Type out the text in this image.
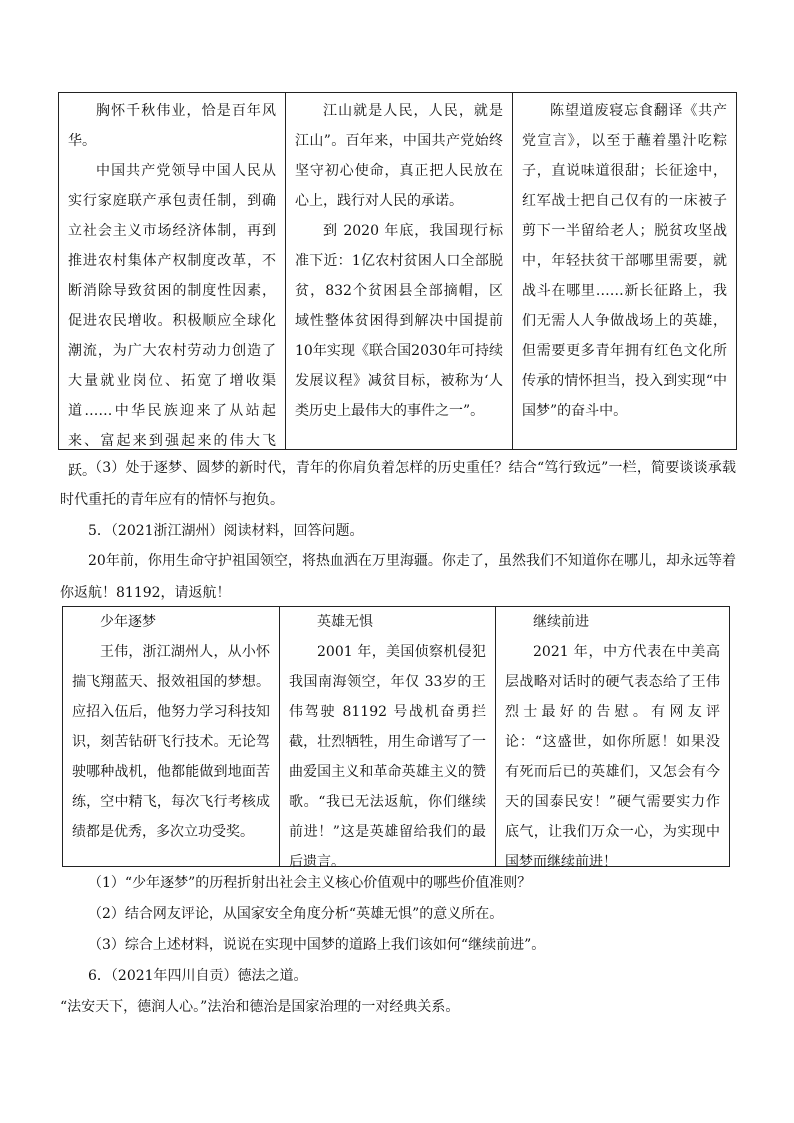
胸怀千秋伟业，恰是百年风华。

中国共产党领导中国人民从实行家庭联产承包责任制，到确立社会主义市场经济体制，再到推进农村集体产权制度改革，不断消除导致贫困的制度性因素，促进农民增收。积极顺应全球化潮流，为广大农村劳动力创造了大量就业岗位、拓宽了增收渠道……中华民族迎来了从站起来、富起来到强起来的伟大飞跃。

江山就是人民，人民，就是江山”。百年来，中国共产党始终坚守初心使命，真正把人民放在心上，践行对人民的承诺。

到 2020 年底，我国现行标准下近：1亿农村贫困人口全部脱贫，832个贫困县全部摘帽，区域性整体贫困得到解决中国提前 10年实现《联合国2030年可持续发展议程》减贫目标，被称为‘人类历史上最伟大的事件之一”。

陈望道废寝忘食翻译《共产党宣言》，以至于蘸着墨汁吃粽子，直说味道很甜；长征途中，红军战士把自己仅有的一床被子剪下一半留给老人；脱贫攻坚战中，年轻扶贫干部哪里需要，就战斗在哪里……新长征路上，我们无需人人争做战场上的英雄，但需要更多青年拥有红色文化所传承的情怀担当，投入到实现“中国梦”的奋斗中。

（3）处于逐梦、圆梦的新时代，青年的你肩负着怎样的历史重任？结合“笃行致远”一栏，简要谈谈承载时代重托的青年应有的情怀与抱负。

5．（2021浙江湖州）阅读材料，回答问题。

20年前，你用生命守护祖国领空，将热血洒在万里海疆。你走了，虽然我们不知道你在哪儿，却永远等着你返航！81192，请返航！

少年逐梦

王伟，浙江湖州人，从小怀揣飞翔蓝天、报效祖国的梦想。应招入伍后，他努力学习科技知识，刻苦钻研飞行技术。无论驾驶哪种战机，他都能做到地面苦练，空中精飞，每次飞行考核成绩都是优秀，多次立功受奖。

英雄无惧

2001 年，美国侦察机侵犯我国南海领空，年仅 33岁的王伟驾驶 81192 号战机奋勇拦截，壮烈牺牲，用生命谱写了一曲爱国主义和革命英雄主义的赞歌。“我已无法返航，你们继续前进！”这是英雄留给我们的最后遗言。

继续前进

2021 年，中方代表在中美高层战略对话时的硬气表态给了王伟烈士最好的告慰。有网友评论：“这盛世，如你所愿！如果没有死而后已的英雄们，又怎会有今天的国泰民安！”硬气需要实力作底气，让我们万众一心，为实现中国梦而继续前进！

（1）“少年逐梦”的历程折射出社会主义核心价值观中的哪些价值准则？

（2）结合网友评论，从国家安全角度分析“英雄无惧”的意义所在。

（3）综合上述材料，说说在实现中国梦的道路上我们该如何“继续前进”。

6．（2021年四川自贡）德法之道。

“法安天下，德润人心。”法治和德治是国家治理的一对经典关系。
